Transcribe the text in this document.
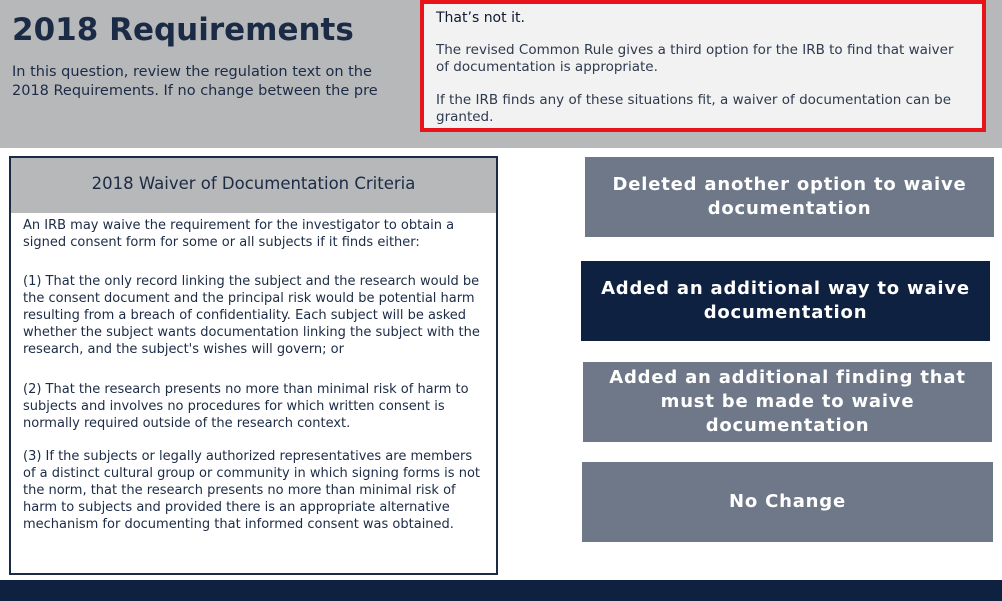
2018 Requirements
In this question, review the regulation text on the
2018 Requirements. If no change between the pre
That’s not it.

The revised Common Rule gives a third option for the IRB to find that waiver of documentation is appropriate.

If the IRB finds any of these situations fit, a waiver of documentation can be granted.

2018 Waiver of Documentation Criteria

An IRB may waive the requirement for the investigator to obtain a signed consent form for some or all subjects if it finds either:

(1) That the only record linking the subject and the research would be the consent document and the principal risk would be potential harm resulting from a breach of confidentiality. Each subject will be asked whether the subject wants documentation linking the subject with the research, and the subject's wishes will govern; or

(2) That the research presents no more than minimal risk of harm to subjects and involves no procedures for which written consent is normally required outside of the research context.

(3) If the subjects or legally authorized representatives are members of a distinct cultural group or community in which signing forms is not the norm, that the research presents no more than minimal risk of harm to subjects and provided there is an appropriate alternative mechanism for documenting that informed consent was obtained.

Deleted another option to waive documentation
Added an additional way to waive documentation
Added an additional finding that must be made to waive documentation
No Change
